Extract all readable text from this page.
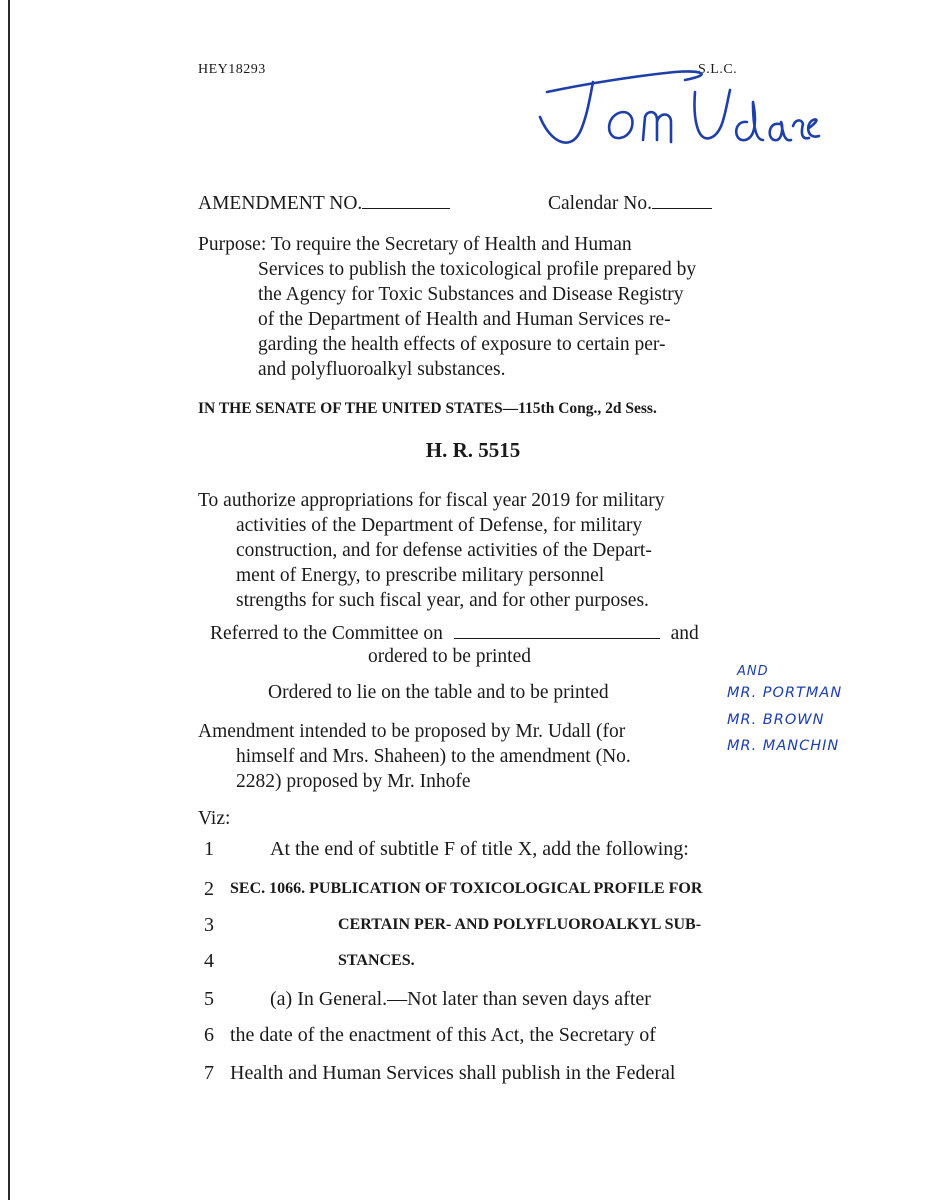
HEY18293	S.L.C.
AMENDMENT NO.	Calendar No.
Purpose: To require the Secretary of Health and Human
Services to publish the toxicological profile prepared by
the Agency for Toxic Substances and Disease Registry
of the Department of Health and Human Services re-
garding the health effects of exposure to certain per-
and polyfluoroalkyl substances.
IN THE SENATE OF THE UNITED STATES—115th Cong., 2d Sess.
H. R. 5515
To authorize appropriations for fiscal year 2019 for military
activities of the Department of Defense, for military
construction, and for defense activities of the Depart-
ment of Energy, to prescribe military personnel
strengths for such fiscal year, and for other purposes.
Referred to the Committee on	and
ordered to be printed
Ordered to lie on the table and to be printed
Amendment intended to be proposed by Mr. Udall (for
himself and Mrs. Shaheen) to the amendment (No.
2282) proposed by Mr. Inhofe
AND
MR. PORTMAN
MR. BROWN
MR. MANCHIN
Viz:
1	At the end of subtitle F of title X, add the following:
2	SEC. 1066. PUBLICATION OF TOXICOLOGICAL PROFILE FOR
3	CERTAIN PER- AND POLYFLUOROALKYL SUB-
4	STANCES.
5	(a) In General.—Not later than seven days after
6 the date of the enactment of this Act, the Secretary of
7 Health and Human Services shall publish in the Federal
